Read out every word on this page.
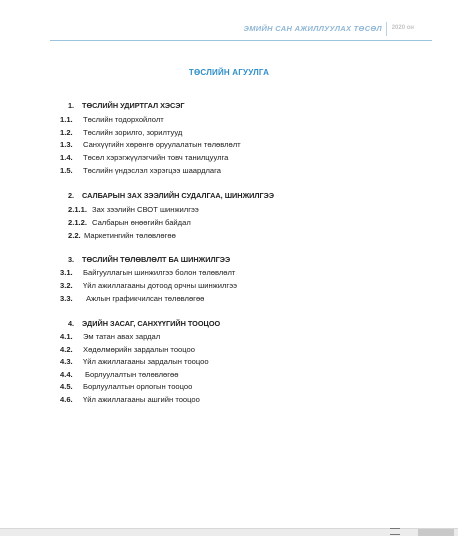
ЭМИЙН САН АЖИЛЛУУЛАХ ТӨСӨЛ 2020 он
ТӨСЛИЙН АГУУЛГА
1. ТӨСЛИЙН УДИРТГАЛ ХЭСЭГ
1.1. Төслийн тодорхойлолт
1.2. Төслийн зорилго, зорилтууд
1.3. Санхүүгийн хөрөнгө оруулалатын төлөвлөлт
1.4. Төсөл хэрэгжүүлэгчийн товч танилцуулга
1.5. Төслийн үндэслэл хэрэгцээ шаардлага
2. САЛБАРЫН ЗАХ ЗЭЭЛИЙН СУДАЛГАА, ШИНЖИЛГЭЭ
2.1.1. Зах зээлийн СВОТ шинжилгээ
2.1.2. Салбарын өнөөгийн байдал
2.2. Маркетингийн төлөвлөгөө
3. ТӨСЛИЙН ТӨЛӨВЛӨЛТ БА ШИНЖИЛГЭЭ
3.1. Байгууллагын шинжилгээ болон төлөвлөлт
3.2. Үйл ажиллагааны дотоод орчны шинжилгээ
3.3. Ажлын графикчилсан төлөвлөгөө
4. ЭДИЙН ЗАСАГ, САНХҮҮГИЙН ТООЦОО
4.1. Эм татан авах зардал
4.2. Хөдөлмөрийн зардалын тооцоо
4.3. Үйл ажиллагааны зардалын тооцоо
4.4. Борлуулалтын төлөвлөгөө
4.5. Борлуулалтын орлогын тооцоо
4.6. Үйл ажиллагааны ашгийн тооцоо
